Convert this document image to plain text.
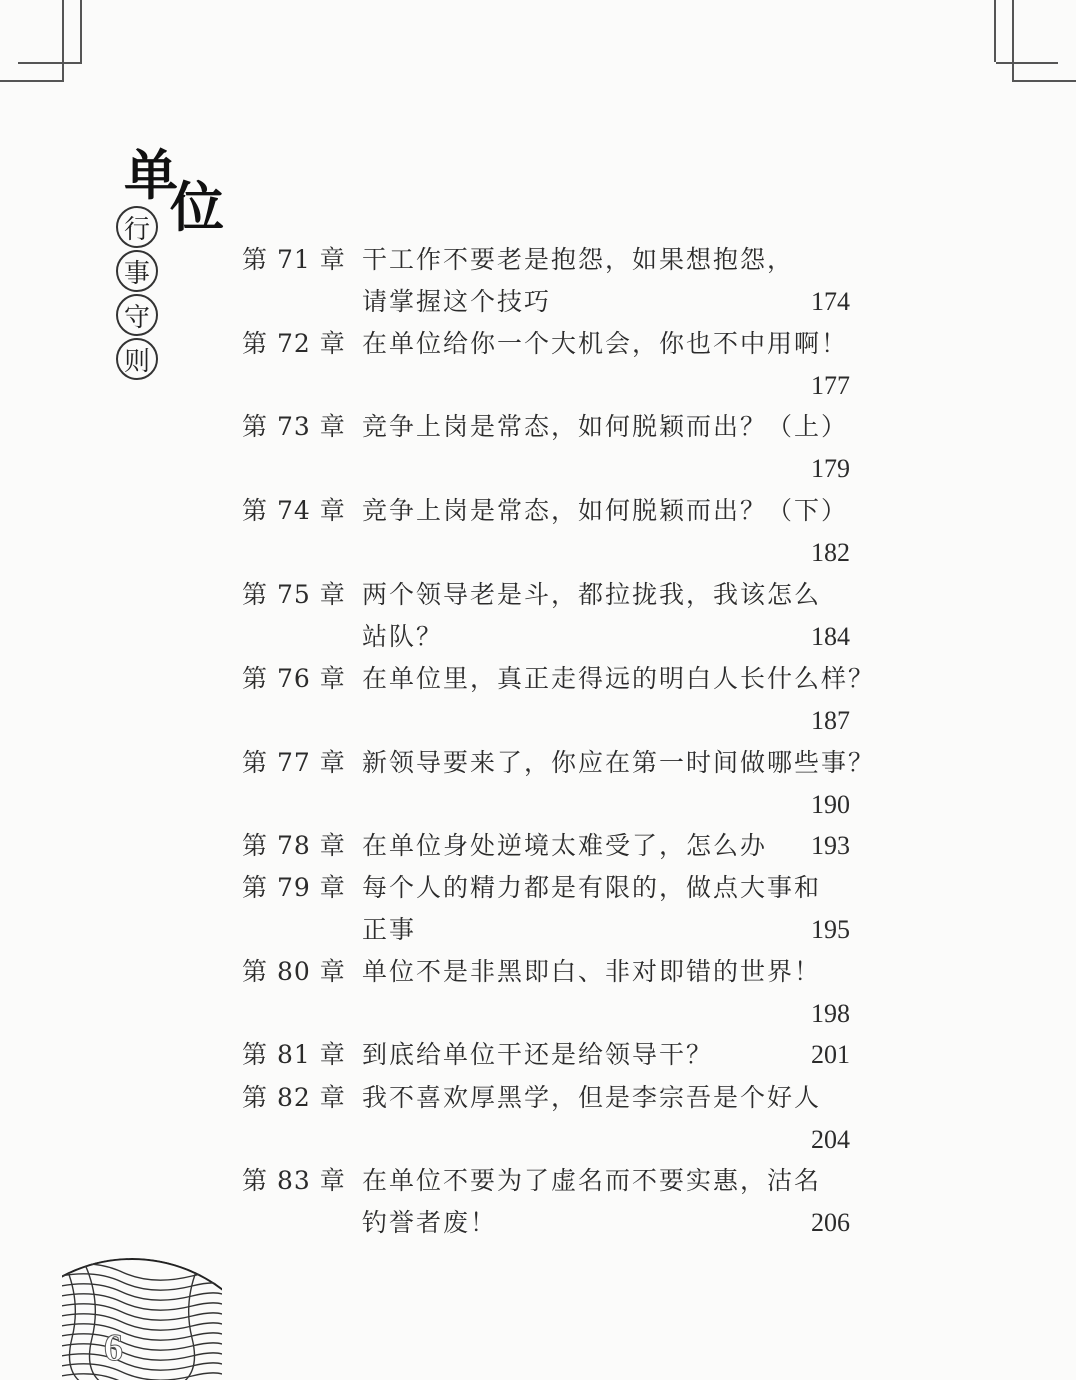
单
位
行
事
守
则
第 71 章 干工作不要老是抱怨，如果想抱怨，
请掌握这个技巧	174
第 72 章 在单位给你一个大机会，你也不中用啊！
177
第 73 章 竞争上岗是常态，如何脱颖而出？（上）
179
第 74 章 竞争上岗是常态，如何脱颖而出？（下）
182
第 75 章 两个领导老是斗，都拉拢我，我该怎么
站队？	184
第 76 章 在单位里，真正走得远的明白人长什么样？
187
第 77 章 新领导要来了，你应在第一时间做哪些事？
190
第 78 章 在单位身处逆境太难受了，怎么办 193
第 79 章 每个人的精力都是有限的，做点大事和
正事	195
第 80 章 单位不是非黑即白、非对即错的世界！
198
第 81 章 到底给单位干还是给领导干？	201
第 82 章 我不喜欢厚黑学，但是李宗吾是个好人
204
第 83 章 在单位不要为了虚名而不要实惠，沽名
钓誉者废！	206
6
